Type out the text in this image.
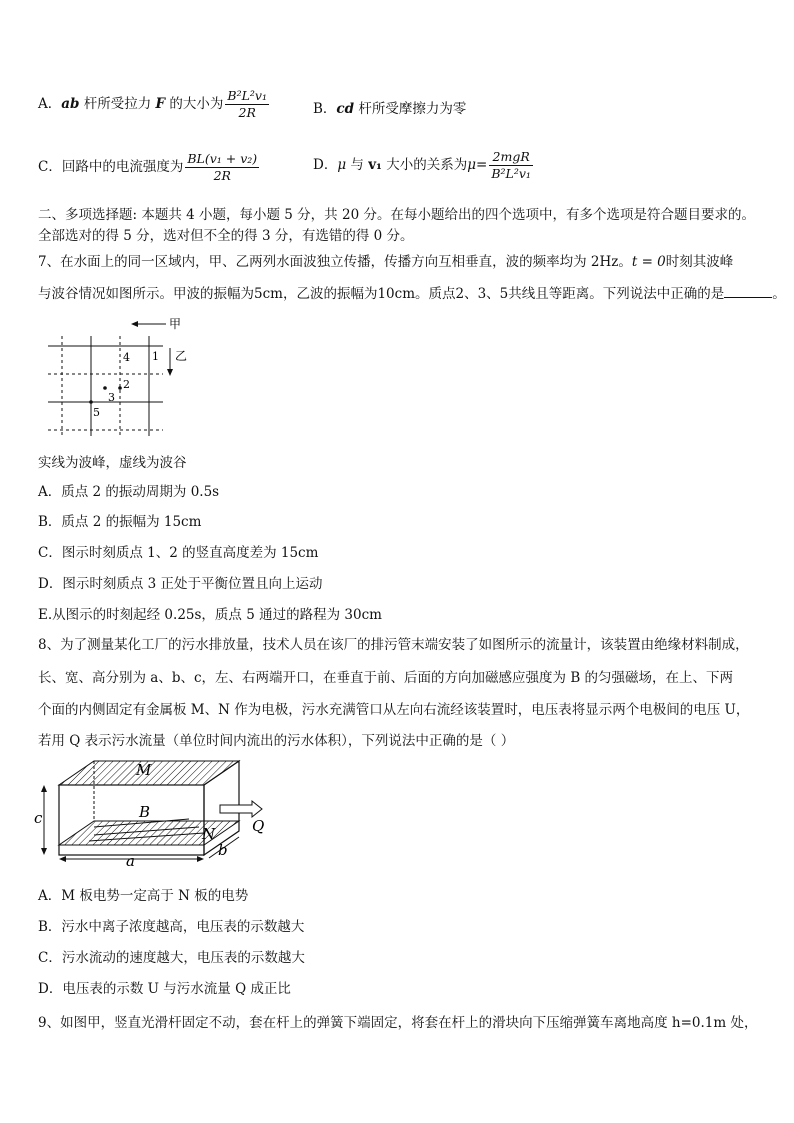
A．ab 杆所受拉力 F 的大小为 $\frac{\text{B²L²v₁}}{2R}$	B．cd 杆所受摩擦力为零
C．回路中的电流强度为 $\frac{\text{BL(v₁ + v₂)}}{2R}$	D．μ 与 v₁ 大小的关系为$\mu= \frac{\text{2mgR}}{\text{B²L²v₁}}$
二、多项选择题: 本题共 4 小题，每小题 5 分，共 20 分。在每小题给出的四个选项中，有多个选项是符合题目要求的。
全部选对的得 5 分，选对但不全的得 3 分，有选错的得 0 分。
7、在水面上的同一区域内，甲、乙两列水面波独立传播，传播方向互相垂直，波的频率均为 2Hz。t = 0时刻其波峰
与波谷情况如图所示。甲波的振幅为5cm，乙波的振幅为10cm。质点2、3、5共线且等距离。下列说法中正确的是	。
甲
乙
1
2
3
4
5
实线为波峰，虚线为波谷
A．质点 2 的振动周期为 0.5s
B．质点 2 的振幅为 15cm
C．图示时刻质点 1、2 的竖直高度差为 15cm
D．图示时刻质点 3 正处于平衡位置且向上运动
E.从图示的时刻起经 0.25s，质点 5 通过的路程为 30cm
8、为了测量某化工厂的污水排放量，技术人员在该厂的排污管末端安装了如图所示的流量计，该装置由绝缘材料制成，
长、宽、高分别为 a、b、c，左、右两端开口，在垂直于前、后面的方向加磁感应强度为 B 的匀强磁场，在上、下两
个面的内侧固定有金属板 M、N 作为电极，污水充满管口从左向右流经该装置时，电压表将显示两个电极间的电压 U，
若用 Q 表示污水流量（单位时间内流出的污水体积），下列说法中正确的是（ ）
M
N
B
Q
a
b
c
A．M 板电势一定高于 N 板的电势
B．污水中离子浓度越高，电压表的示数越大
C．污水流动的速度越大，电压表的示数越大
D．电压表的示数 U 与污水流量 Q 成正比
9、如图甲，竖直光滑杆固定不动，套在杆上的弹簧下端固定，将套在杆上的滑块向下压缩弹簧车离地高度 h=0.1m 处，
